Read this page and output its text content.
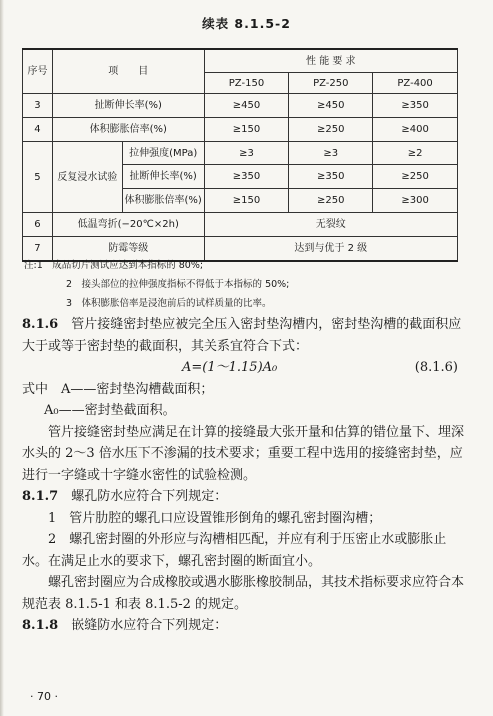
续表 8.1.5-2
序号	项　　目		性 能 要 求		
			PZ-150	PZ-250	PZ-400
3	扯断伸长率(%)		≥450	≥450	≥350
4	体积膨胀倍率(%)		≥150	≥250	≥400
5	反复浸水试验	拉伸强度(MPa)	≥3	≥3	≥2
		扯断伸长率(%)	≥350	≥350	≥250
		体积膨胀倍率(%)	≥150	≥250	≥300
6	低温弯折(−20℃×2h)		无裂纹		
7	防霉等级		达到与优于 2 级		
注:1　成品切片测试应达到本指标的 80%;
2　接头部位的拉伸强度指标不得低于本指标的 50%;
3　体积膨胀倍率是浸泡前后的试样质量的比率。

8.1.6　 管片接缝密封垫应被完全压入密封垫沟槽内，密封垫沟槽的截面积应大于或等于密封垫的截面积，其关系宜符合下式：

A=(1～1.15)A₀	(8.1.6)

式中　A——密封垫沟槽截面积；

A₀——密封垫截面积。

管片接缝密封垫应满足在计算的接缝最大张开量和估算的错位量下、埋深水头的 2～3 倍水压下不渗漏的技术要求；重要工程中选用的接缝密封垫，应进行一字缝或十字缝水密性的试验检测。

8.1.7　 螺孔防水应符合下列规定：

1　管片肋腔的螺孔口应设置锥形倒角的螺孔密封圈沟槽；

2　螺孔密封圈的外形应与沟槽相匹配，并应有利于压密止水或膨胀止水。在满足止水的要求下，螺孔密封圈的断面宜小。

螺孔密封圈应为合成橡胶或遇水膨胀橡胶制品，其技术指标要求应符合本规范表 8.1.5-1 和表 8.1.5-2 的规定。

8.1.8　 嵌缝防水应符合下列规定：

· 70 ·
